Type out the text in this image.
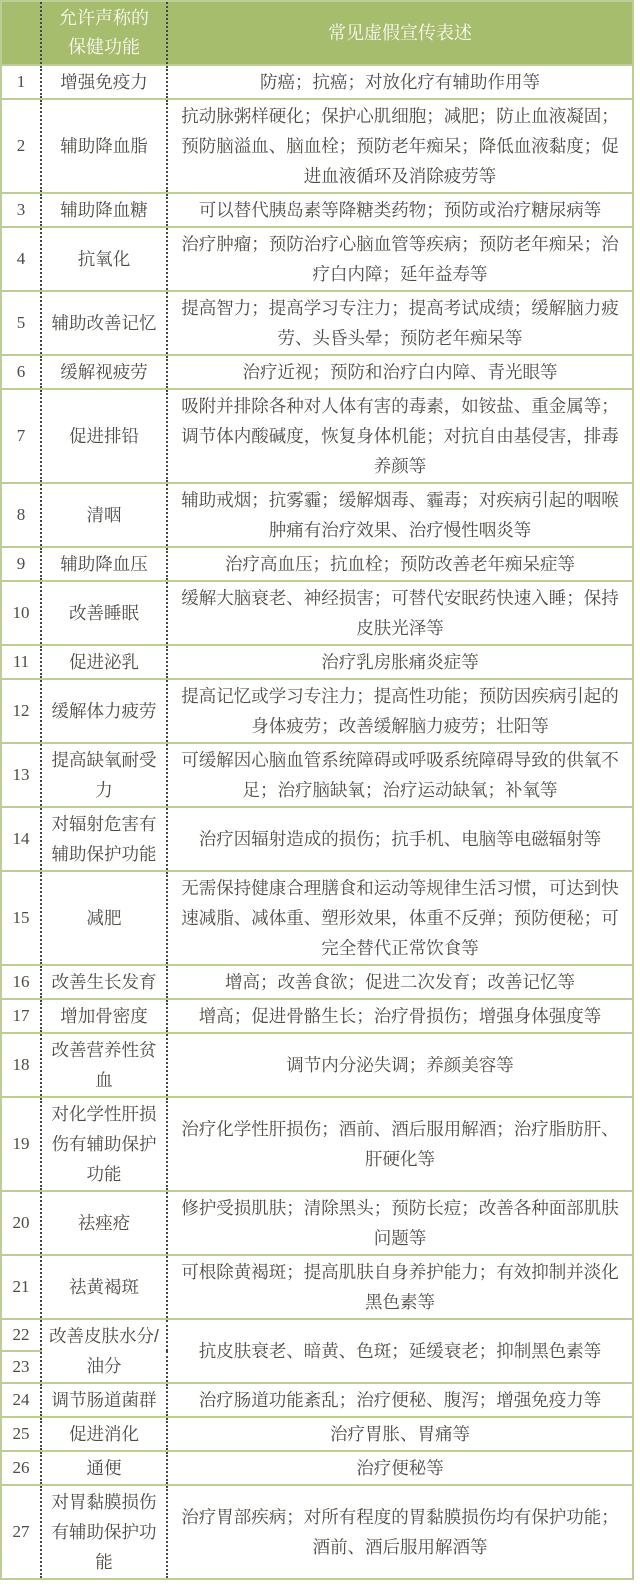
	允许声称的
保健功能	常见虚假宣传表述
1	增强免疫力	防癌；抗癌；对放化疗有辅助作用等
2	辅助降血脂	抗动脉粥样硬化；保护心肌细胞；减肥；防止血液凝固；预防脑溢血、脑血栓；预防老年痴呆；降低血液黏度；促进血液循环及消除疲劳等
3	辅助降血糖	可以替代胰岛素等降糖类药物；预防或治疗糖尿病等
4	抗氧化	治疗肿瘤；预防治疗心脑血管等疾病；预防老年痴呆；治疗白内障；延年益寿等
5	辅助改善记忆	提高智力；提高学习专注力；提高考试成绩；缓解脑力疲劳、头昏头晕；预防老年痴呆等
6	缓解视疲劳	治疗近视；预防和治疗白内障、青光眼等
7	促进排铅	吸附并排除各种对人体有害的毒素，如铵盐、重金属等；调节体内酸碱度，恢复身体机能；对抗自由基侵害，排毒养颜等
8	清咽	辅助戒烟；抗雾霾；缓解烟毒、霾毒；对疾病引起的咽喉肿痛有治疗效果、治疗慢性咽炎等
9	辅助降血压	治疗高血压；抗血栓；预防改善老年痴呆症等
10	改善睡眠	缓解大脑衰老、神经损害；可替代安眠药快速入睡；保持皮肤光泽等
11	促进泌乳	治疗乳房胀痛炎症等
12	缓解体力疲劳	提高记忆或学习专注力；提高性功能；预防因疾病引起的身体疲劳；改善缓解脑力疲劳；壮阳等
13	提高缺氧耐受力	可缓解因心脑血管系统障碍或呼吸系统障碍导致的供氧不足；治疗脑缺氧；治疗运动缺氧；补氧等
14	对辐射危害有辅助保护功能	治疗因辐射造成的损伤；抗手机、电脑等电磁辐射等
15	减肥	无需保持健康合理膳食和运动等规律生活习惯，可达到快速减脂、减体重、塑形效果，体重不反弹；预防便秘；可完全替代正常饮食等
16	改善生长发育	增高；改善食欲；促进二次发育；改善记忆等
17	增加骨密度	增高；促进骨骼生长；治疗骨损伤；增强身体强度等
18	改善营养性贫血	调节内分泌失调；养颜美容等
19	对化学性肝损伤有辅助保护功能	治疗化学性肝损伤；酒前、酒后服用解酒；治疗脂肪肝、肝硬化等
20	祛痤疮	修护受损肌肤；清除黑头；预防长痘；改善各种面部肌肤问题等
21	祛黄褐斑	可根除黄褐斑；提高肌肤自身养护能力；有效抑制并淡化黑色素等
22	改善皮肤水分/油分	抗皮肤衰老、暗黄、色斑；延缓衰老；抑制黑色素等
23		
24	调节肠道菌群	治疗肠道功能紊乱；治疗便秘、腹泻；增强免疫力等
25	促进消化	治疗胃胀、胃痛等
26	通便	治疗便秘等
27	对胃黏膜损伤有辅助保护功能	治疗胃部疾病；对所有程度的胃黏膜损伤均有保护功能；酒前、酒后服用解酒等
